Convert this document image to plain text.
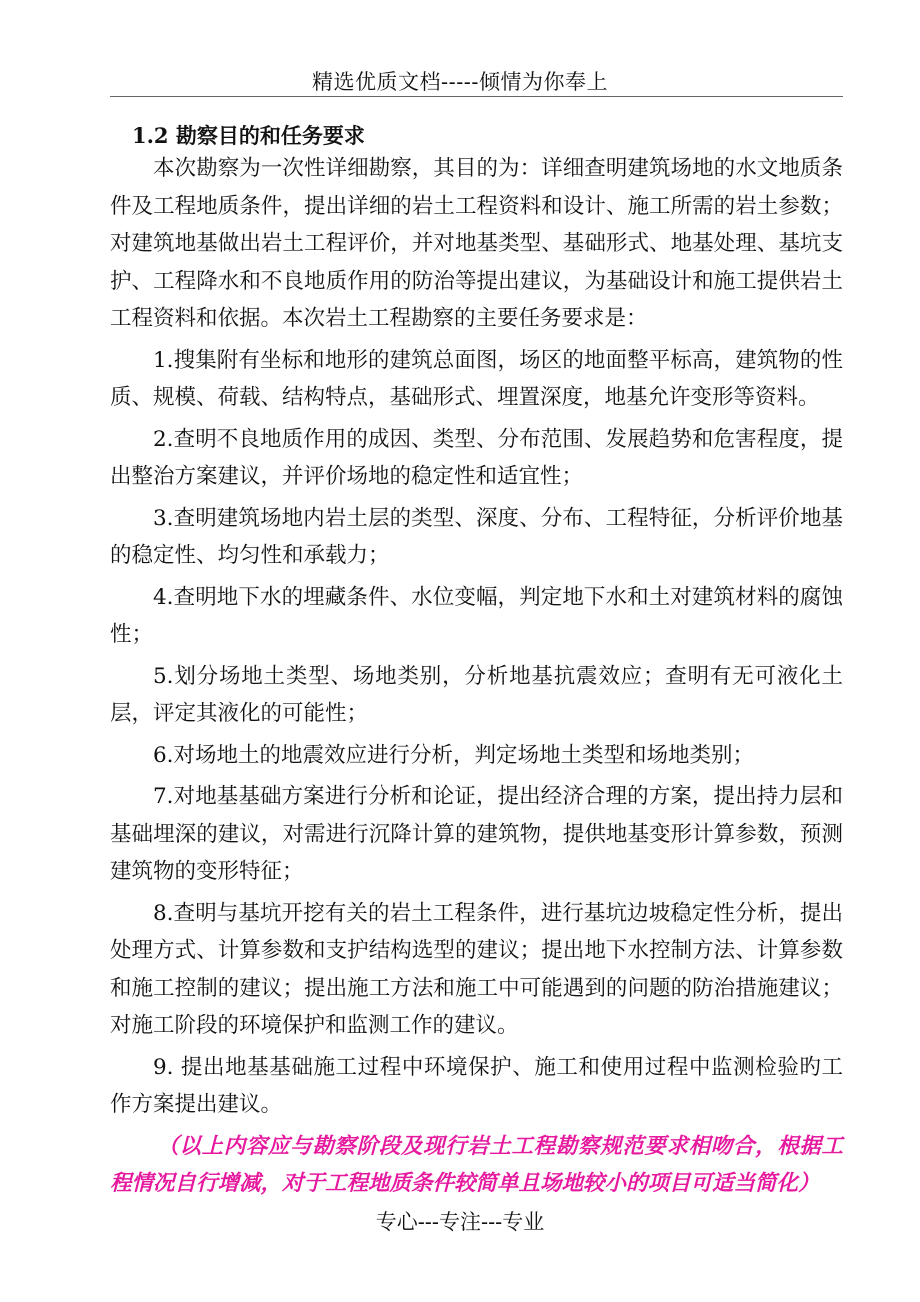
精选优质文档-----倾情为你奉上
1.2 勘察目的和任务要求

本次勘察为一次性详细勘察，其目的为：详细查明建筑场地的水文地质条件及工程地质条件，提出详细的岩土工程资料和设计、施工所需的岩土参数；对建筑地基做出岩土工程评价，并对地基类型、基础形式、地基处理、基坑支护、工程降水和不良地质作用的防治等提出建议，为基础设计和施工提供岩土工程资料和依据。本次岩土工程勘察的主要任务要求是：

1.搜集附有坐标和地形的建筑总面图，场区的地面整平标高，建筑物的性质、规模、荷载、结构特点，基础形式、埋置深度，地基允许变形等资料。

2.查明不良地质作用的成因、类型、分布范围、发展趋势和危害程度，提出整治方案建议，并评价场地的稳定性和适宜性；

3.查明建筑场地内岩土层的类型、深度、分布、工程特征，分析评价地基的稳定性、均匀性和承载力；

4.查明地下水的埋藏条件、水位变幅，判定地下水和土对建筑材料的腐蚀性；

5.划分场地土类型、场地类别，分析地基抗震效应；查明有无可液化土层，评定其液化的可能性；

6.对场地土的地震效应进行分析，判定场地土类型和场地类别；

7.对地基基础方案进行分析和论证，提出经济合理的方案，提出持力层和基础埋深的建议，对需进行沉降计算的建筑物，提供地基变形计算参数，预测建筑物的变形特征；

8.查明与基坑开挖有关的岩土工程条件，进行基坑边坡稳定性分析，提出处理方式、计算参数和支护结构选型的建议；提出地下水控制方法、计算参数和施工控制的建议；提出施工方法和施工中可能遇到的问题的防治措施建议；对施工阶段的环境保护和监测工作的建议。

9. 提出地基基础施工过程中环境保护、施工和使用过程中监测检验旳工作方案提出建议。

（以上内容应与勘察阶段及现行岩土工程勘察规范要求相吻合，根据工程情况自行增减，对于工程地质条件较简单且场地较小的项目可适当简化）

专心---专注---专业
